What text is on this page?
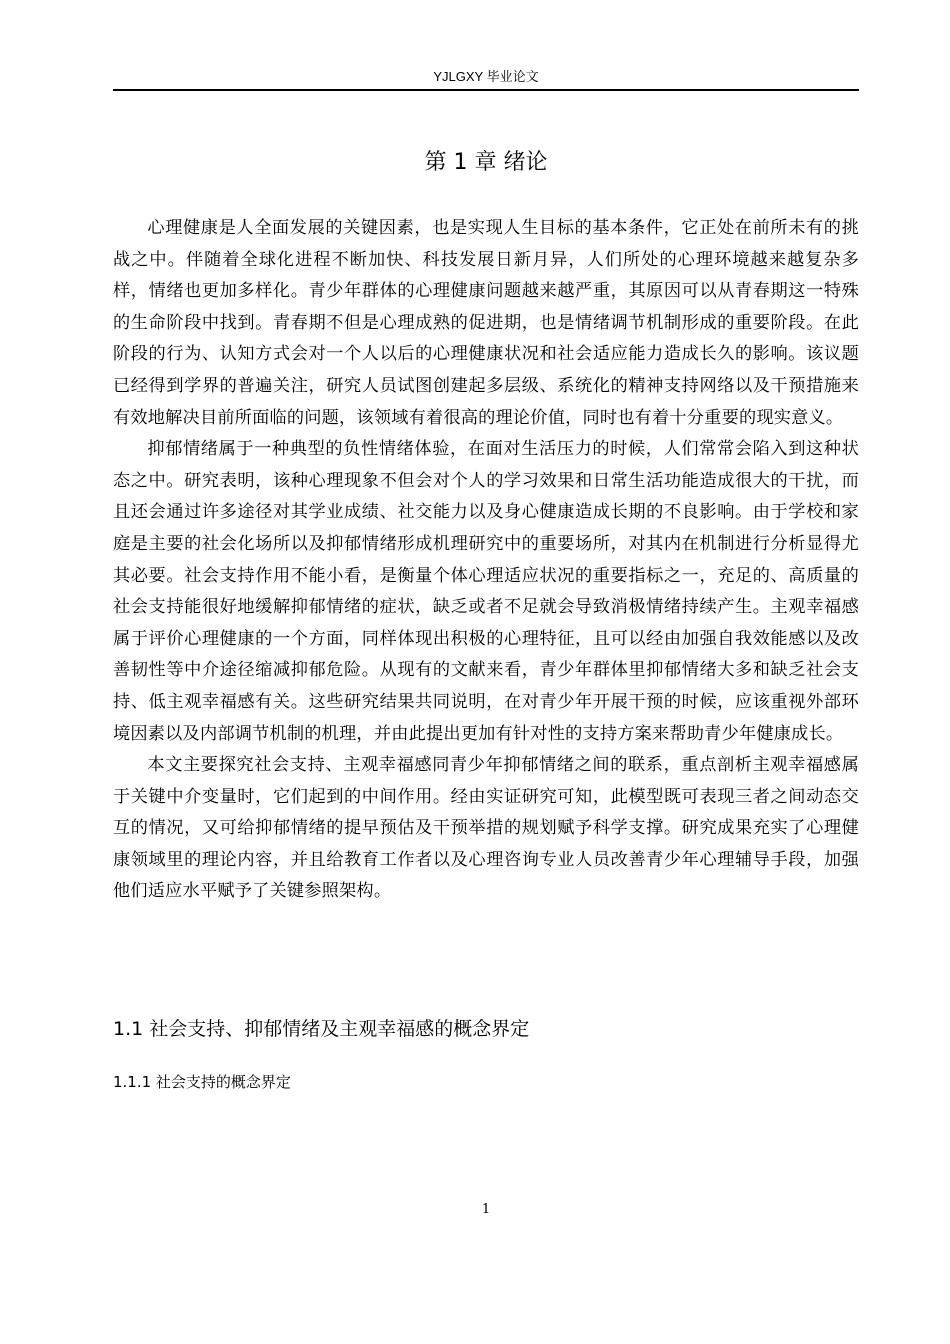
YJLGXY 毕业论文
第 1 章 绪论

心理健康是人全面发展的关键因素，也是实现人生目标的基本条件，它正处在前所未有的挑战之中。伴随着全球化进程不断加快、科技发展日新月异，人们所处的心理环境越来越复杂多样，情绪也更加多样化。青少年群体的心理健康问题越来越严重，其原因可以从青春期这一特殊的生命阶段中找到。青春期不但是心理成熟的促进期，也是情绪调节机制形成的重要阶段。在此阶段的行为、认知方式会对一个人以后的心理健康状况和社会适应能力造成长久的影响。该议题已经得到学界的普遍关注，研究人员试图创建起多层级、系统化的精神支持网络以及干预措施来有效地解决目前所面临的问题，该领域有着很高的理论价值，同时也有着十分重要的现实意义。

抑郁情绪属于一种典型的负性情绪体验，在面对生活压力的时候，人们常常会陷入到这种状态之中。研究表明，该种心理现象不但会对个人的学习效果和日常生活功能造成很大的干扰，而且还会通过许多途径对其学业成绩、社交能力以及身心健康造成长期的不良影响。由于学校和家庭是主要的社会化场所以及抑郁情绪形成机理研究中的重要场所，对其内在机制进行分析显得尤其必要。社会支持作用不能小看，是衡量个体心理适应状况的重要指标之一，充足的、高质量的社会支持能很好地缓解抑郁情绪的症状，缺乏或者不足就会导致消极情绪持续产生。主观幸福感属于评价心理健康的一个方面，同样体现出积极的心理特征，且可以经由加强自我效能感以及改善韧性等中介途径缩减抑郁危险。从现有的文献来看，青少年群体里抑郁情绪大多和缺乏社会支持、低主观幸福感有关。这些研究结果共同说明，在对青少年开展干预的时候，应该重视外部环境因素以及内部调节机制的机理，并由此提出更加有针对性的支持方案来帮助青少年健康成长。

本文主要探究社会支持、主观幸福感同青少年抑郁情绪之间的联系，重点剖析主观幸福感属于关键中介变量时，它们起到的中间作用。经由实证研究可知，此模型既可表现三者之间动态交互的情况，又可给抑郁情绪的提早预估及干预举措的规划赋予科学支撑。研究成果充实了心理健康领域里的理论内容，并且给教育工作者以及心理咨询专业人员改善青少年心理辅导手段，加强他们适应水平赋予了关键参照架构。

1.1 社会支持、抑郁情绪及主观幸福感的概念界定
1.1.1 社会支持的概念界定
1
